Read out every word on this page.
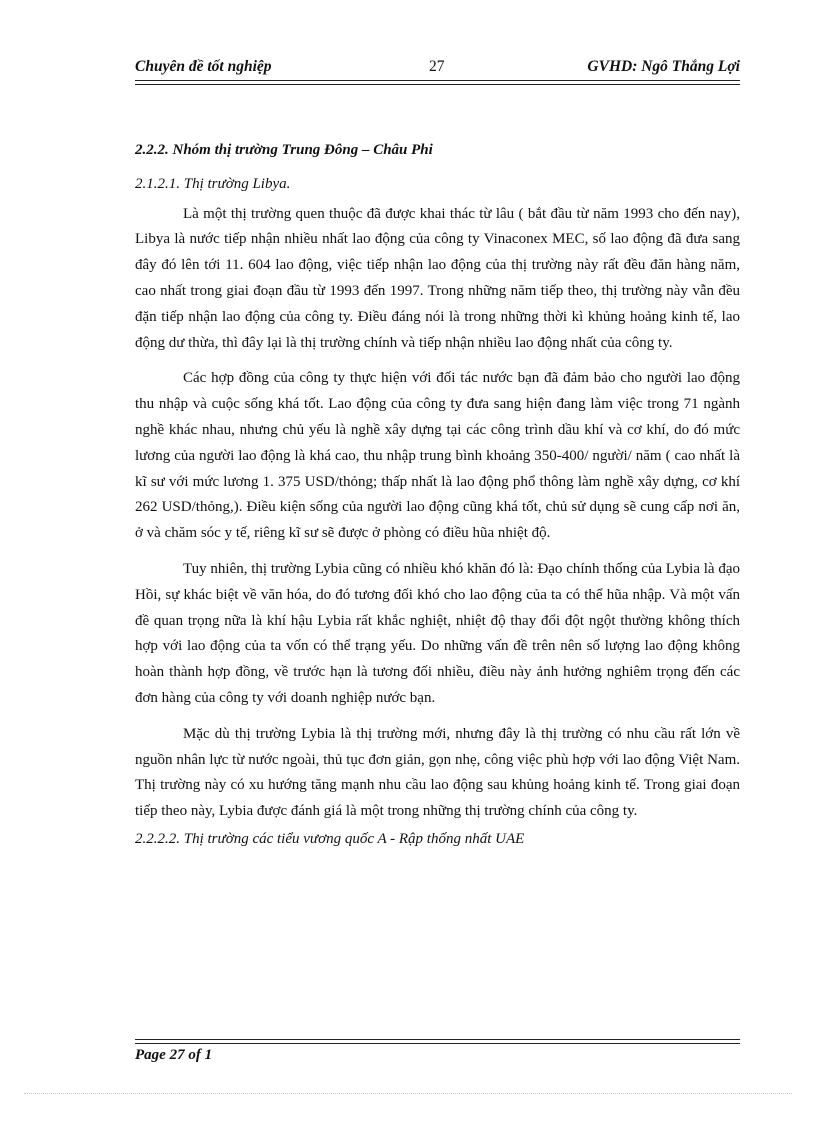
Chuyên đề tốt nghiệp	27	GVHD: Ngô Thắng Lợi

2.2.2. Nhóm thị trường Trung Đông – Châu Phi

2.1.2.1. Thị trường Libya.

Là một thị trường quen thuộc đã được khai thác từ lâu ( bắt đầu từ năm 1993 cho đến nay), Libya là nước tiếp nhận nhiều nhất lao động của công ty Vinaconex MEC, số lao động đã đưa sang đây đó lên tới 11. 604 lao động, việc tiếp nhận lao động của thị trường này rất đều đăn hàng năm, cao nhất trong giai đoạn đầu từ 1993 đến 1997. Trong những năm tiếp theo, thị trường này vẫn đều đặn tiếp nhận lao động của công ty. Điều đáng nói là trong những thời kì khủng hoảng kinh tế, lao động dư thừa, thì đây lại là thị trường chính và tiếp nhận nhiều lao động nhất của công ty.

Các hợp đồng của công ty thực hiện với đối tác nước bạn đã đảm bảo cho người lao động thu nhập và cuộc sống khá tốt. Lao động của công ty đưa sang hiện đang làm việc trong 71 ngành nghề khác nhau, nhưng chủ yếu là nghề xây dựng tại các công trình dầu khí và cơ khí, do đó mức lương của người lao động là khá cao, thu nhập trung bình khoảng 350-400/ người/ năm ( cao nhất là kĩ sư với mức lương 1. 375 USD/thỏng; thấp nhất là lao động phổ thông làm nghề xây dựng, cơ khí 262 USD/thỏng,). Điều kiện sống của người lao động cũng khá tốt, chủ sử dụng sẽ cung cấp nơi ăn, ở và chăm sóc y tế, riêng kĩ sư sẽ được ở phòng có điều hũa nhiệt độ.

Tuy nhiên, thị trường Lybia cũng có nhiều khó khăn đó là: Đạo chính thống của Lybia là đạo Hồi, sự khác biệt về văn hóa, do đó tương đối khó cho lao động của ta có thể hũa nhập. Và một vấn đề quan trọng nữa là khí hậu Lybia rất khắc nghiệt, nhiệt độ thay đổi đột ngột thường không thích hợp với lao động của ta vốn có thể trạng yếu. Do những vấn đề trên nên số lượng lao động không hoàn thành hợp đồng, về trước hạn là tương đối nhiều, điều này ảnh hưởng nghiêm trọng đến các đơn hàng của công ty với doanh nghiệp nước bạn.

Mặc dù thị trường Lybia là thị trường mới, nhưng đây là thị trường có nhu cầu rất lớn về nguồn nhân lực từ nước ngoài, thủ tục đơn giản, gọn nhẹ, công việc phù hợp với lao động Việt Nam. Thị trường này có xu hướng tăng mạnh nhu cầu lao động sau khủng hoảng kinh tế. Trong giai đoạn tiếp theo này, Lybia được đánh giá là một trong những thị trường chính của công ty.

2.2.2.2. Thị trường các tiểu vương quốc A - Rập thống nhất UAE

Page 27 of 1
